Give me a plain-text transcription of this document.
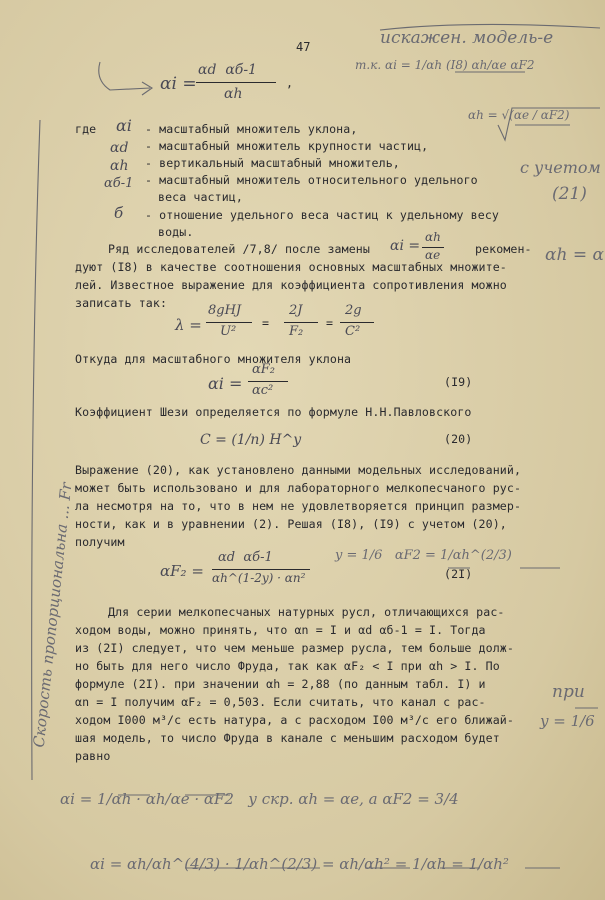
47
αi =
αd  αб-1
αh
,
где αi - масштабный множитель уклона,
αd - масштабный множитель крупности частиц,
αh - вертикальный масштабный множитель,
αб-1 - масштабный множитель относительного удельного
веса частиц,
б - отношение удельного веса частиц к удельному весу
воды.
Ряд исследователей /7,8/ после замены αi =
αh
αe	рекомен-
дуют (I8) в качестве соотношения основных масштабных множите-
лей. Известное выражение для коэффициента сопротивления можно
записать так:
λ =
8gHJ
U²
=
2J
F₂
=
2g
C²
Откуда для масштабного множителя уклона
αi =
αF₂
αc²
(I9)
Коэффициент Шези определяется по формуле Н.Н.Павловского
C = (1/n) H^y	(20)
Выражение (20), как установлено данными модельных исследований,
может быть использовано и для лабораторного мелкопесчаного рус-
ла несмотря на то, что в нем не удовлетворяется принцип размер-
ности, как и в уравнении (2). Решая (I8), (I9) с учетом (20),
получим
αF₂ =
αd  αб-1
αh^(1-2y) · αn²	(2I)
Для серии мелкопесчаных натурных русл, отличающихся рас-
ходом воды, можно принять, что αn = I и αd αб-1 = I. Тогда
из (2I) следует, что чем меньше размер русла, тем больше долж-
но быть для него число Фруда, так как αF₂ < I при αh > I. По
формуле (2I). при значении αh = 2,88 (по данным табл. I) и
αn = I получим αF₂ = 0,503. Если считать, что канал с рас-
ходом I000 м³/с есть натура, а с расходом I00 м³/с его ближай-
шая модель, то число Фруда в канале с меньшим расходом будет
равно
искажен. модель-е
т.к. αi = 1/αh (I8) αh/αe αF2
αh = √(αe / αF2)
с учетом
(21)
αh = α
y = 1/6   αF2 = 1/αh^(2/3)
при
y = 1/6
Скорость пропорциональна ... Fr
αi = 1/αh · αh/αe · αF2   у скр. αh = αe, а αF2 = 3/4
αi = αh/αh^(4/3) · 1/αh^(2/3) = αh/αh² = 1/αh = 1/αh²
